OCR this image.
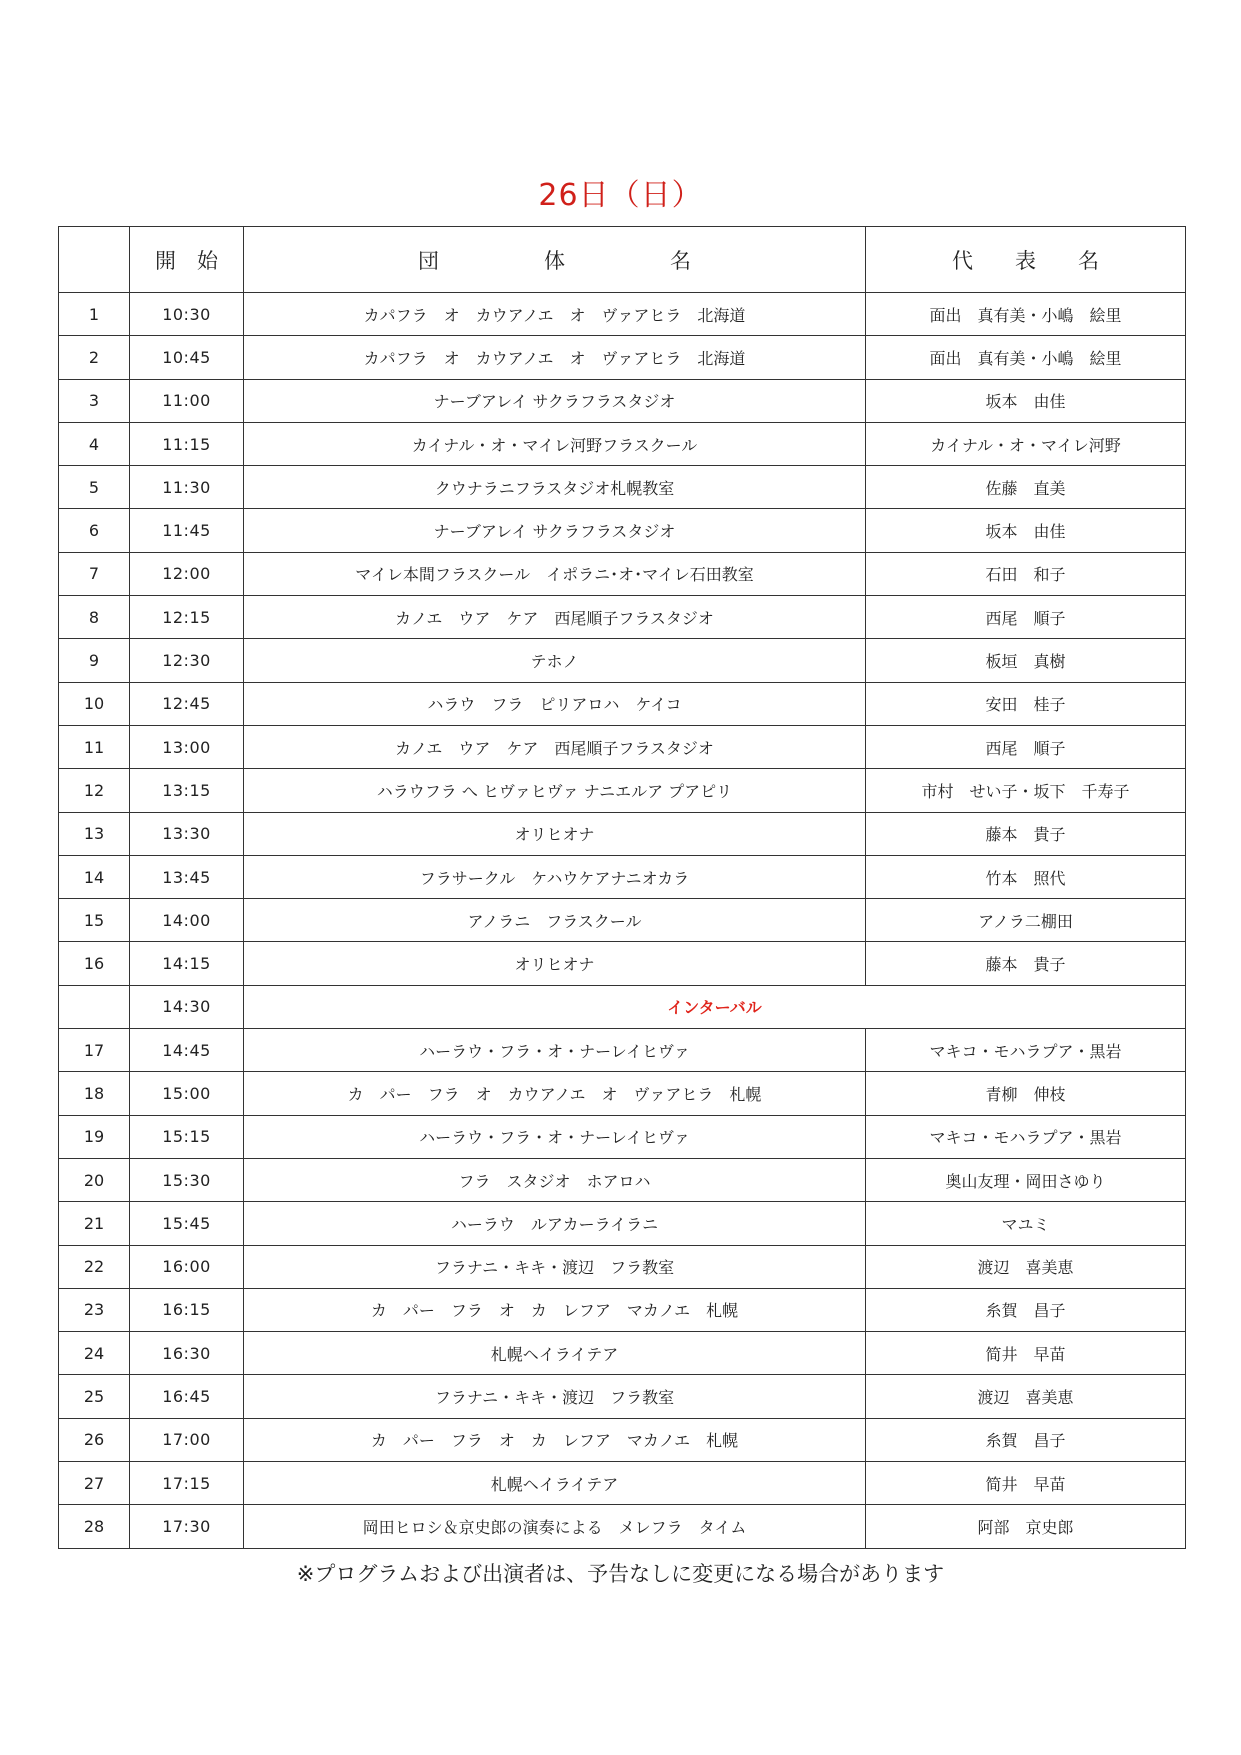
26日（日）
	開　始	団　　　　　体　　　　　名	代　　表　　名
1	10:30	カパフラ　オ　カウアノエ　オ　ヴァアヒラ　北海道	面出　真有美・小嶋　絵里
2	10:45	カパフラ　オ　カウアノエ　オ　ヴァアヒラ　北海道	面出　真有美・小嶋　絵里
3	11:00	ナーブアレイ サクラフラスタジオ	坂本　由佳
4	11:15	カイナル・オ・マイレ河野フラスクール	カイナル・オ・マイレ河野
5	11:30	クウナラニフラスタジオ札幌教室	佐藤　直美
6	11:45	ナーブアレイ サクラフラスタジオ	坂本　由佳
7	12:00	マイレ本間フラスクール　イポラニ･オ･マイレ石田教室	石田　和子
8	12:15	カノエ　ウア　ケア　西尾順子フラスタジオ	西尾　順子
9	12:30	テホノ	板垣　真樹
10	12:45	ハラウ　フラ　ピリアロハ　ケイコ	安田　桂子
11	13:00	カノエ　ウア　ケア　西尾順子フラスタジオ	西尾　順子
12	13:15	ハラウフラ へ ヒヴァヒヴァ ナニエルア プアピリ	市村　せい子・坂下　千寿子
13	13:30	オリヒオナ	藤本　貴子
14	13:45	フラサークル　ケハウケアナニオカラ	竹本　照代
15	14:00	アノラニ　フラスクール	アノラ二棚田
16	14:15	オリヒオナ	藤本　貴子
	14:30	インターバル	
17	14:45	ハーラウ・フラ・オ・ナーレイヒヴァ	マキコ・モハラプア・黒岩
18	15:00	カ　パー　フラ　オ　カウアノエ　オ　ヴァアヒラ　札幌	青柳　伸枝
19	15:15	ハーラウ・フラ・オ・ナーレイヒヴァ	マキコ・モハラプア・黒岩
20	15:30	フラ　スタジオ　ホアロハ	奥山友理・岡田さゆり
21	15:45	ハーラウ　ルアカーライラニ	マユミ
22	16:00	フラナニ・キキ・渡辺　フラ教室	渡辺　喜美恵
23	16:15	カ　パー　フラ　オ　カ　レフア　マカノエ　札幌	糸賀　昌子
24	16:30	札幌ヘイライテア	简井　早苗
25	16:45	フラナニ・キキ・渡辺　フラ教室	渡辺　喜美恵
26	17:00	カ　パー　フラ　オ　カ　レフア　マカノエ　札幌	糸賀　昌子
27	17:15	札幌ヘイライテア	简井　早苗
28	17:30	岡田ヒロシ＆京史郎の演奏による　メレフラ　タイム	阿部　京史郎
※プログラムおよび出演者は、予告なしに変更になる場合があります
